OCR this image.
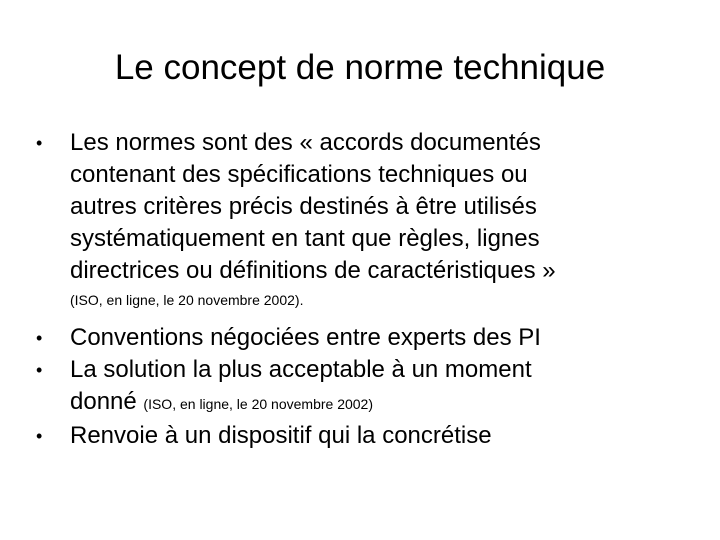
Le concept de norme technique
•	Les normes sont des « accords documentés
contenant des spécifications techniques ou
autres critères précis destinés à être utilisés
systématiquement en tant que règles, lignes
directrices ou définitions de caractéristiques »
(ISO, en ligne, le 20 novembre 2002).
•	Conventions négociées entre experts des PI
•	La solution la plus acceptable à un moment
donné (ISO, en ligne, le 20 novembre 2002)
•	Renvoie à un dispositif qui la concrétise
